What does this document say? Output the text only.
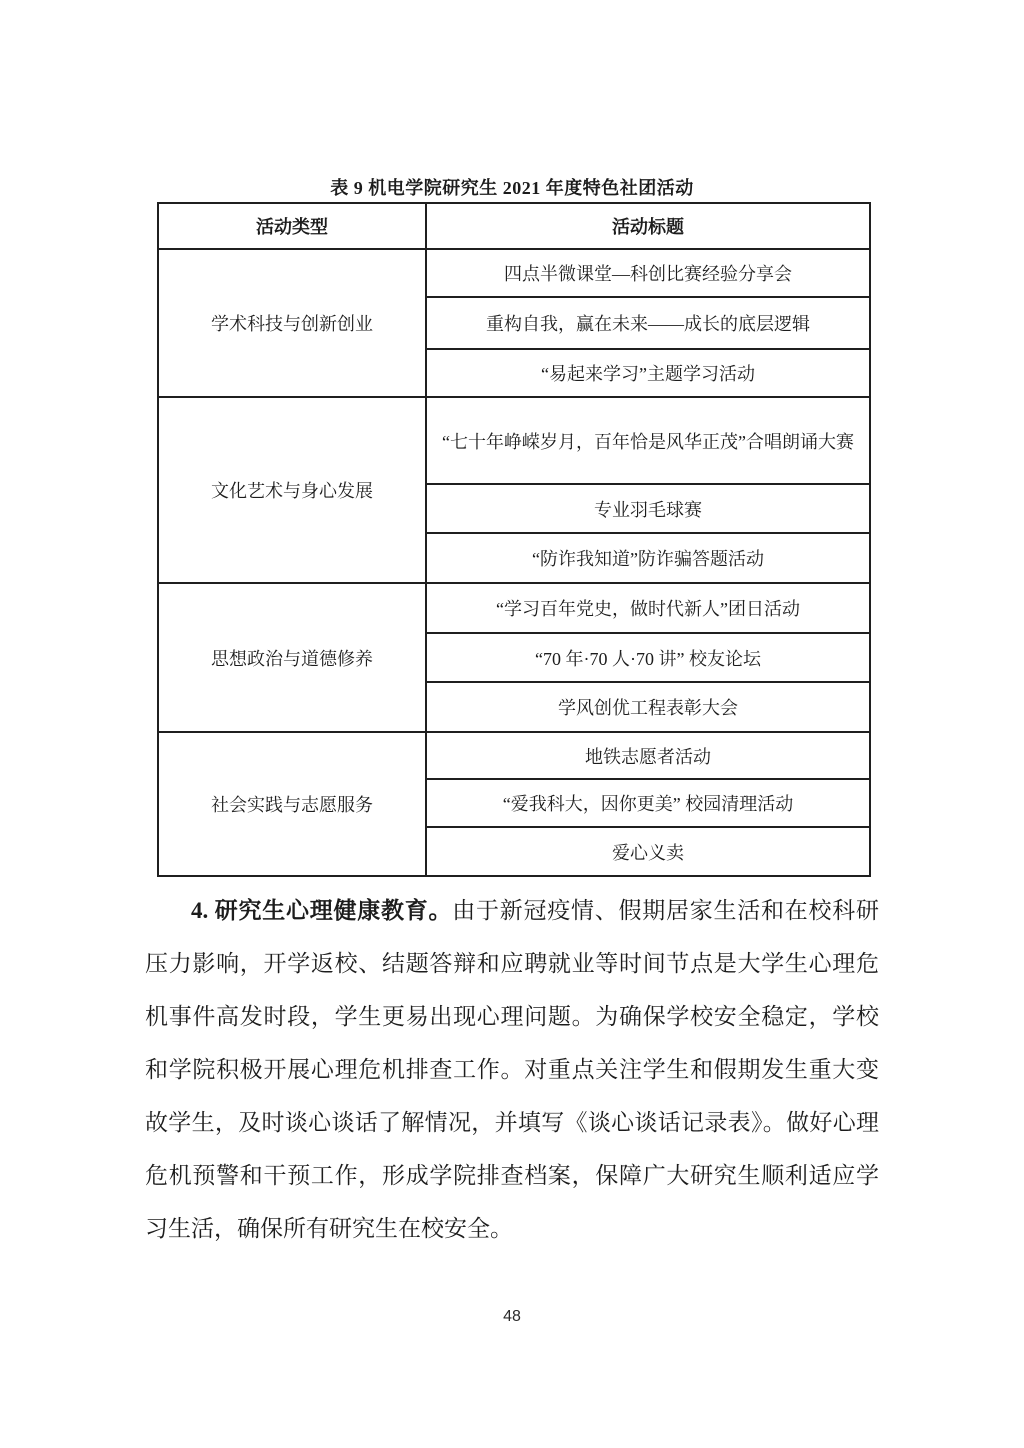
表 9 机电学院研究生 2021 年度特色社团活动
活动类型	活动标题
学术科技与创新创业	四点半微课堂—科创比赛经验分享会
	重构自我，赢在未来——成长的底层逻辑
	“易起来学习”主题学习活动
文化艺术与身心发展	“七十年峥嵘岁月，百年恰是风华正茂”合唱朗诵大赛
	专业羽毛球赛
	“防诈我知道”防诈骗答题活动
思想政治与道德修养	“学习百年党史，做时代新人”团日活动
	“70 年·70 人·70 讲” 校友论坛
	学风创优工程表彰大会
社会实践与志愿服务	地铁志愿者活动
	“爱我科大，因你更美” 校园清理活动
	爱心义卖

4. 研究生心理健康教育。由于新冠疫情、假期居家生活和在校科研压力影响，开学返校、结题答辩和应聘就业等时间节点是大学生心理危机事件高发时段，学生更易出现心理问题。为确保学校安全稳定，学校和学院积极开展心理危机排查工作。对重点关注学生和假期发生重大变故学生，及时谈心谈话了解情况，并填写《谈心谈话记录表》。做好心理危机预警和干预工作，形成学院排查档案，保障广大研究生顺利适应学习生活，确保所有研究生在校安全。

48
